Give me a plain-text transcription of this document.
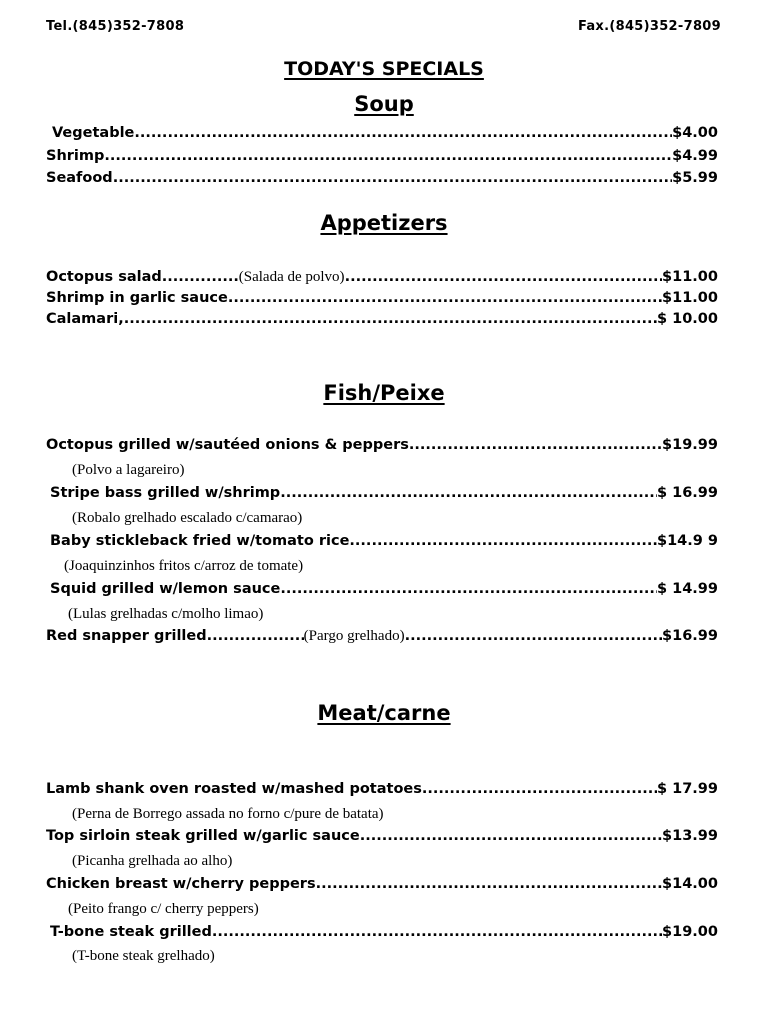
Tel.(845)352-7808	Fax.(845)352-7809
TODAY'S SPECIALS
Soup
Vegetable .....	$4.00
Shrimp .....	$4.99
Seafood .....	$5.99
Appetizers
Octopus salad .....	(Salada de polvo) .....	$11.00
Shrimp in garlic sauce .....	$11.00
Calamari, .....	$ 10.00
Fish/Peixe
Octopus grilled w/sautéed onions & peppers .....	$19.99
(Polvo a lagareiro)
Stripe bass grilled w/shrimp .....	$ 16.99
(Robalo grelhado escalado c/camarao)
Baby stickleback fried w/tomato rice .....	$14.9 9
(Joaquinzinhos fritos c/arroz de tomate)
Squid grilled w/lemon sauce .....	$ 14.99
(Lulas grelhadas c/molho limao)
Red snapper grilled .....	(Pargo grelhado) .....	$16.99
Meat/carne
Lamb shank oven roasted w/mashed potatoes .....	$ 17.99
(Perna de Borrego assada no forno c/pure de batata)
Top sirloin steak grilled w/garlic sauce .....	$13.99
(Picanha grelhada ao alho)
Chicken breast w/cherry peppers .....	$14.00
(Peito frango c/ cherry peppers)
T-bone steak grilled .....	$19.00
(T-bone steak grelhado)
